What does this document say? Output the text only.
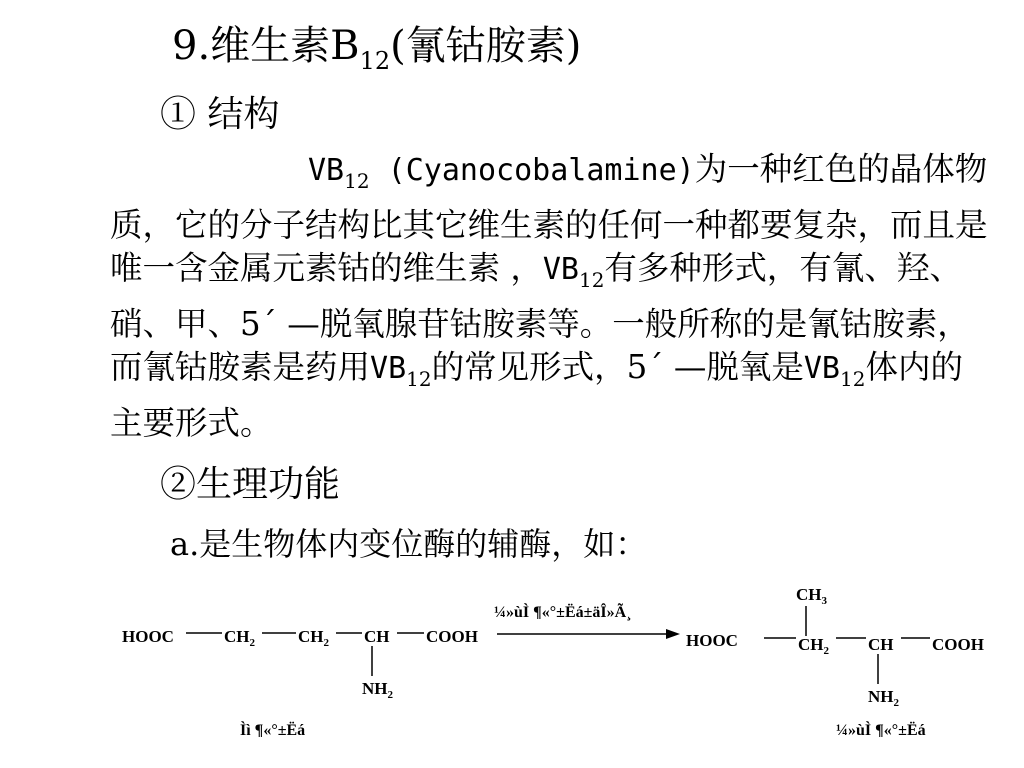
9.维生素$B_{12}$(氰钴胺素)
① 结构
$VB_{12}$ (Cyanocobalamine)为一种红色的晶体物质，它的分子结构比其它维生素的任何一种都要复杂，而且是唯一含金属元素钴的维生素 ，$VB_{12}$有多种形式，有氰、羟、硝、甲、5´ —脱氧腺苷钴胺素等。一般所称的是氰钴胺素，而氰钴胺素是药用$VB_{12}$的常见形式，5´ —脱氧是$VB_{12}$体内的主要形式。
②生理功能
a.是生物体内变位酶的辅酶，如：
HOOC	$CH_2$	$CH_2$ CH COOH
$NH_2$
¼»ùÌ ¶«°±Ëá±äÎ»Ã¸
$CH_3$
HOOC	$CH_2$ CH COOH
$NH_2$
Ìì ¶«°±Ëá	¼»ùÌ ¶«°±Ëá
